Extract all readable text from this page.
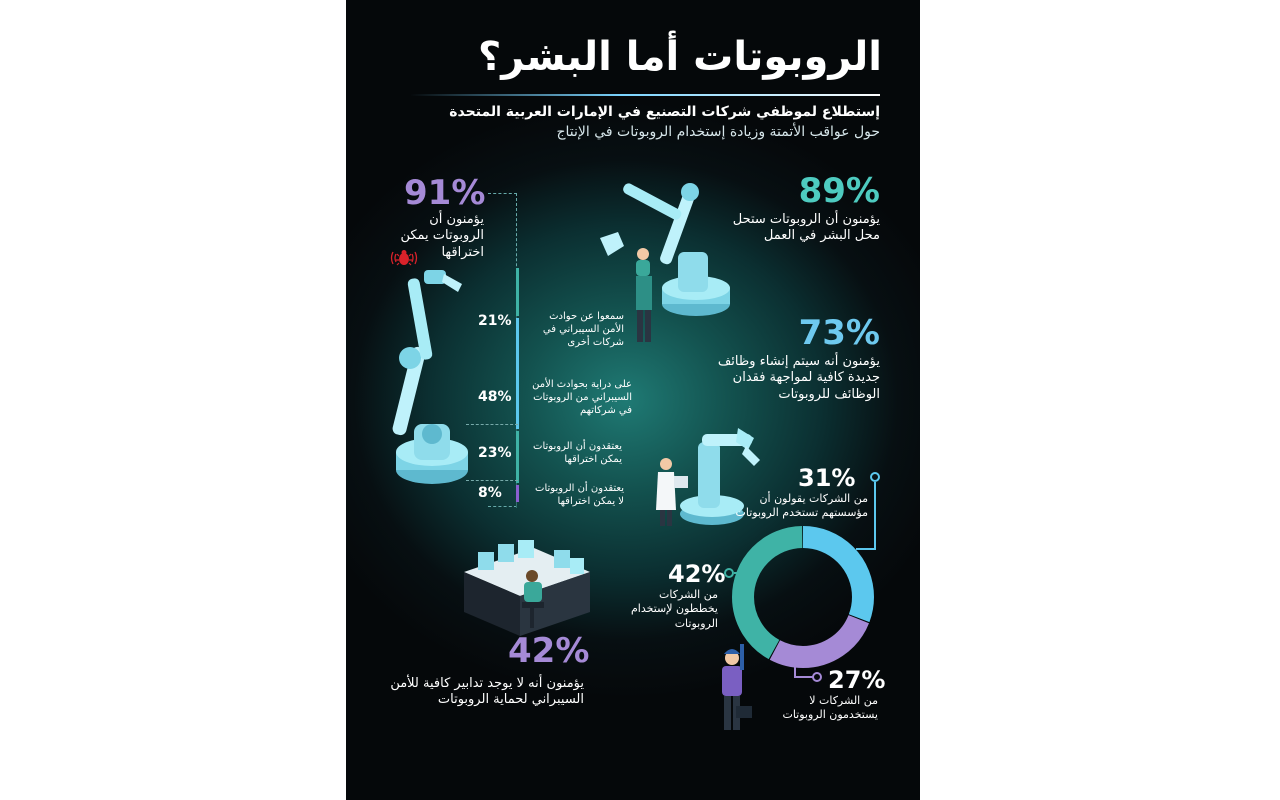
الروبوتات أما البشر؟
إستطلاع لموظفي شركات التصنيع في الإمارات العربية المتحدة
حول عواقب الأتمتة وزيادة إستخدام الروبوتات في الإنتاج
91%
يؤمنون أن الروبوتات يمكن اختراقها
21%	سمعوا عن حوادث الأمن السيبراني في شركات أخرى
48%
على دراية بحوادث الأمن السيبراني من الروبوتات في شركاتهم
23% يعتقدون أن الروبوتات يمكن اختراقها
8%	يعتقدون أن الروبوتات لا يمكن اختراقها
89%
يؤمنون أن الروبوتات ستحل محل البشر في العمل
73%
يؤمنون أنه سيتم إنشاء وظائف جديدة كافية لمواجهة فقدان الوظائف للروبوتات
31%
من الشركات يقولون أن مؤسستهم تستخدم الروبوتات
42%
من الشركات يخططون لإستخدام الروبوتات
27%
من الشركات لا يستخدمون الروبوتات
42%
يؤمنون أنه لا يوجد تدابير كافية للأمن السيبراني لحماية الروبوتات
